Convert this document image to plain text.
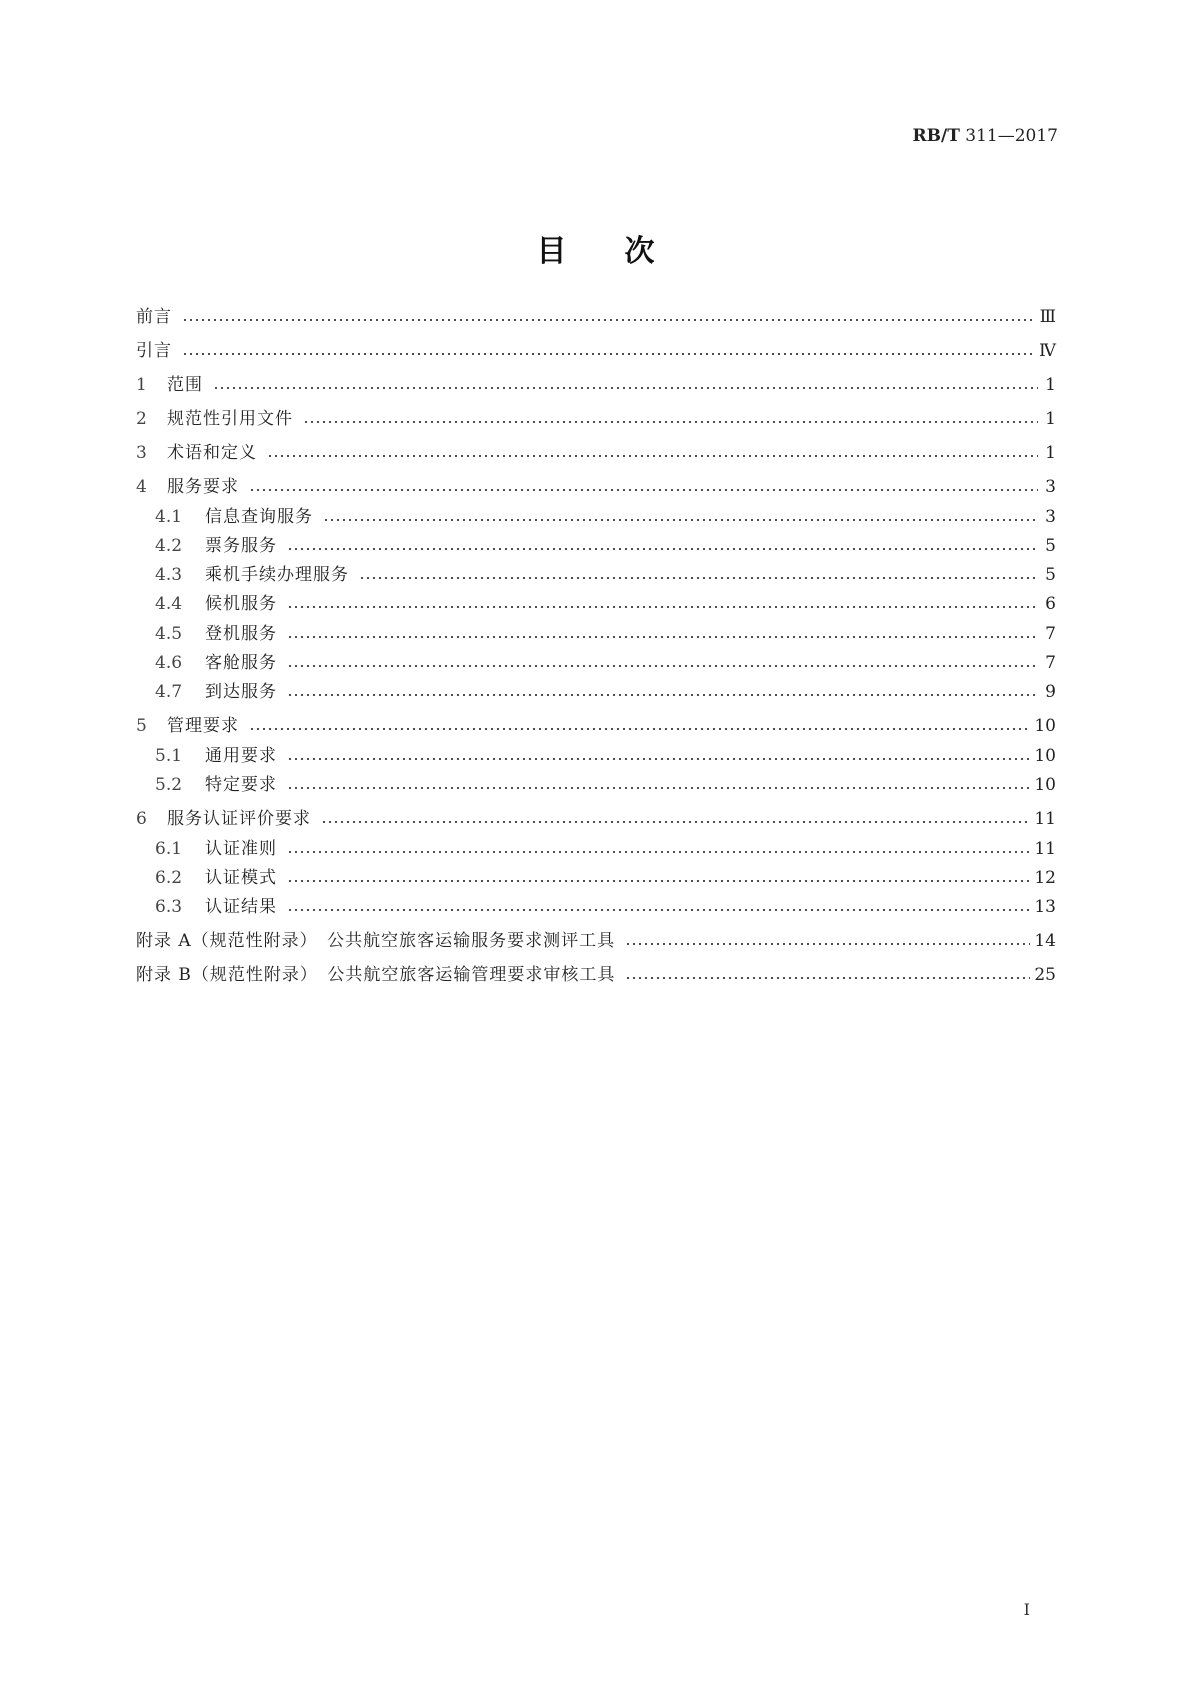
RB/T 311—2017
目 次
前言	Ⅲ
引言	Ⅳ
1	范围	1
2	规范性引用文件	1
3	术语和定义	1
4	服务要求	3
4.1	信息查询服务	3
4.2	票务服务	5
4.3	乘机手续办理服务	5
4.4	候机服务	6
4.5	登机服务	7
4.6	客舱服务	7
4.7	到达服务	9
5	管理要求	10
5.1	通用要求	10
5.2	特定要求	10
6	服务认证评价要求	11
6.1	认证准则	11
6.2	认证模式	12
6.3	认证结果	13
附录 A（规范性附录）　公共航空旅客运输服务要求测评工具	14
附录 B（规范性附录）　公共航空旅客运输管理要求审核工具	25
I
